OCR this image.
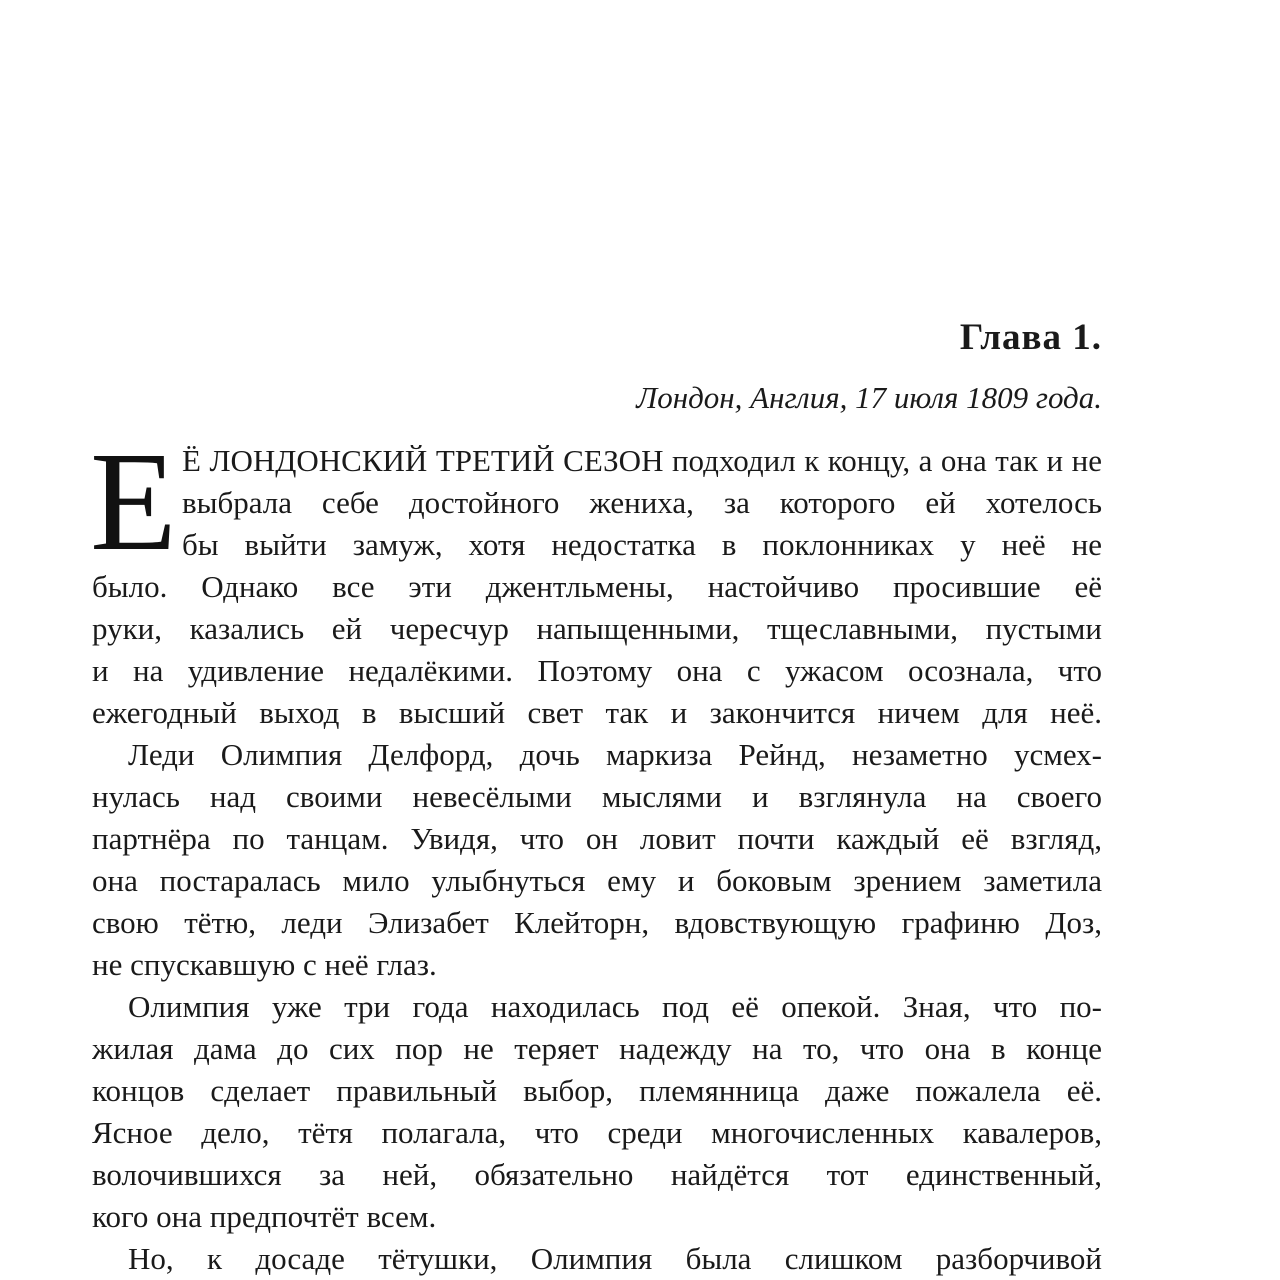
Глава 1.
Лондон, Англия, 17 июля 1809 года.
Е Ё ЛОНДОНСКИЙ ТРЕТИЙ СЕЗОН подходил к концу, а она так и не
выбрала себе достойного жениха, за которого ей хотелось
бы выйти замуж, хотя недостатка в поклонниках у неё не
было. Однако все эти джентльмены, настойчиво просившие её
руки, казались ей чересчур напыщенными, тщеславными, пустыми
и на удивление недалёкими. Поэтому она с ужасом осознала, что
ежегодный выход в высший свет так и закончится ничем для неё.
Леди Олимпия Делфорд, дочь маркиза Рейнд, незаметно усмех-
нулась над своими невесёлыми мыслями и взглянула на своего
партнёра по танцам. Увидя, что он ловит почти каждый её взгляд,
она постаралась мило улыбнуться ему и боковым зрением заметила
свою тётю, леди Элизабет Клейторн, вдовствующую графиню Доз,
не спускавшую с неё глаз.
Олимпия уже три года находилась под её опекой. Зная, что по-
жилая дама до сих пор не теряет надежду на то, что она в конце
концов сделает правильный выбор, племянница даже пожалела её.
Ясное дело, тётя полагала, что среди многочисленных кавалеров,
волочившихся за ней, обязательно найдётся тот единственный,
кого она предпочтёт всем.
Но, к досаде тётушки, Олимпия была слишком разборчивой
